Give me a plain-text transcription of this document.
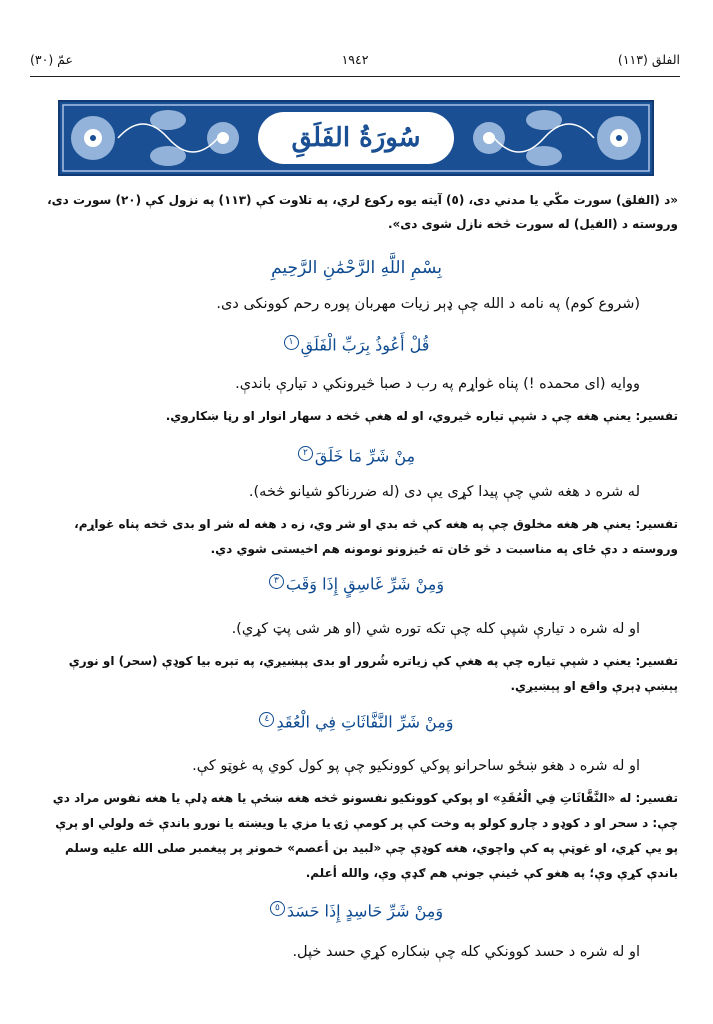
الفلق (١١٣)
١٩٤٢
عمّ (٣٠)
سُورَةُ الفَلَقِ
«د (الفلق) سورت مکّي يا مدني دی، (٥) آيته يوه رکوع لري، په تلاوت کې (١١٣) په نزول کې (٢٠) سورت دی، وروسته د (الفيل) له سورت څخه نازل شوی دی».
بِسْمِ اللَّهِ الرَّحْمَٰنِ الرَّحِيمِ
(شروع کوم) په نامه د الله چې ډېر زيات مهربان پوره رحم کوونکی دی.
قُلْ أَعُوذُ بِرَبِّ الْفَلَقِ١
ووايه (ای محمده !) پناه غواړم په رب د صبا څيرونکي د تيارې باندې.
تفسير: يعنې هغه چې د شپې تياره څيروي، او له هغې څخه د سهار انوار او رڼا ښکاروي.
مِنْ شَرِّ مَا خَلَقَ٢
له شره د هغه شي چې پيدا کړی يې دی (له ضررناکو شيانو څخه).
تفسير: يعنې هر هغه مخلوق چې په هغه کې څه بدي او شر وي، زه د هغه له شر او بدی څخه پناه غواړم، وروسته د دې ځای په مناسبت د څو ځان ته ځيزونو نومونه هم اخيستی شوي دي.
وَمِنْ شَرِّ غَاسِقٍ إِذَا وَقَبَ٣
او له شره د تيارې شپې کله چې تکه توره شي (او هر شی پټ کړي).
تفسير: يعنې د شپې تياره چې په هغې کې زياتره شُرور او بدی پېښيږي، په تېره بيا کوډې (سحر) او نورې پېښې ډېرې واقع او پېښيږي.
وَمِنْ شَرِّ النَّفَّاثَاتِ فِي الْعُقَدِ٤
او له شره د هغو ښځو ساحرانو پوکي کوونکيو چې پو کول کوي په غوټو کې.
تفسير: له «النَّفَّاثَاتِ فِي الْعُقَدِ» او پوکي کوونکيو نفسونو څخه هغه ښځې يا هغه ډلې يا هغه نفوس مراد دي چې: د سحر او د کوډو د چارو کولو په وخت کې پر کومې ژۍ يا مزي يا ويښته يا نورو باندې څه ولولي او پرې پو يې کړي، او غوټې په کې واچوي، هغه کوډې چې «لبيد بن أعصم» خمونږ پر پيغمبر صلی الله عليه وسلم باندې کړې وې؛ په هغو کې ځينې جونې هم ګډې وې، والله أعلم.
وَمِنْ شَرِّ حَاسِدٍ إِذَا حَسَدَ٥
او له شره د حسد کوونکي کله چې ښکاره کړي حسد خپل.
